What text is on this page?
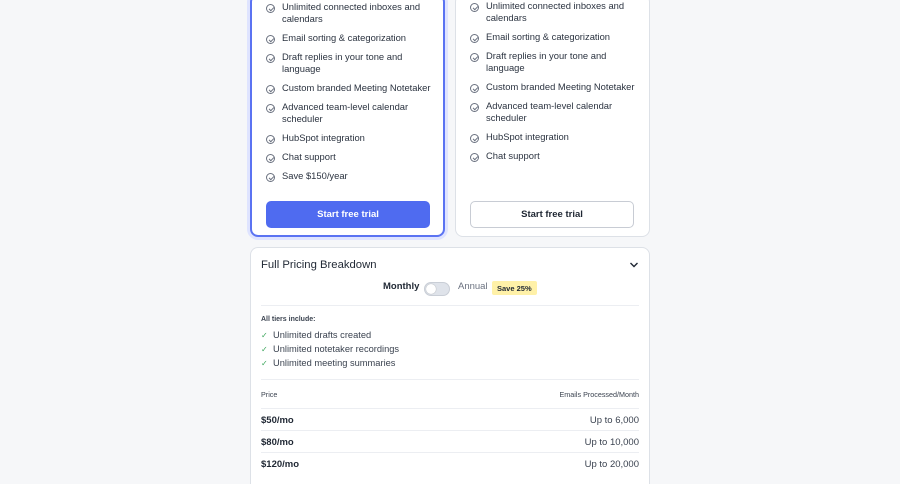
Unlimited connected inboxes and calendars
Email sorting & categorization
Draft replies in your tone and language
Custom branded Meeting Notetaker
Advanced team-level calendar scheduler
HubSpot integration
Chat support
Save $150/year
Start free trial
Unlimited connected inboxes and calendars
Email sorting & categorization
Draft replies in your tone and language
Custom branded Meeting Notetaker
Advanced team-level calendar scheduler
HubSpot integration
Chat support
Start free trial
Full Pricing Breakdown
Monthly	Annual	Save 25%
All tiers include:
✓ Unlimited drafts created
✓ Unlimited notetaker recordings
✓ Unlimited meeting summaries
Price	Emails Processed/Month
$50/mo	Up to 6,000
$80/mo	Up to 10,000
$120/mo	Up to 20,000
